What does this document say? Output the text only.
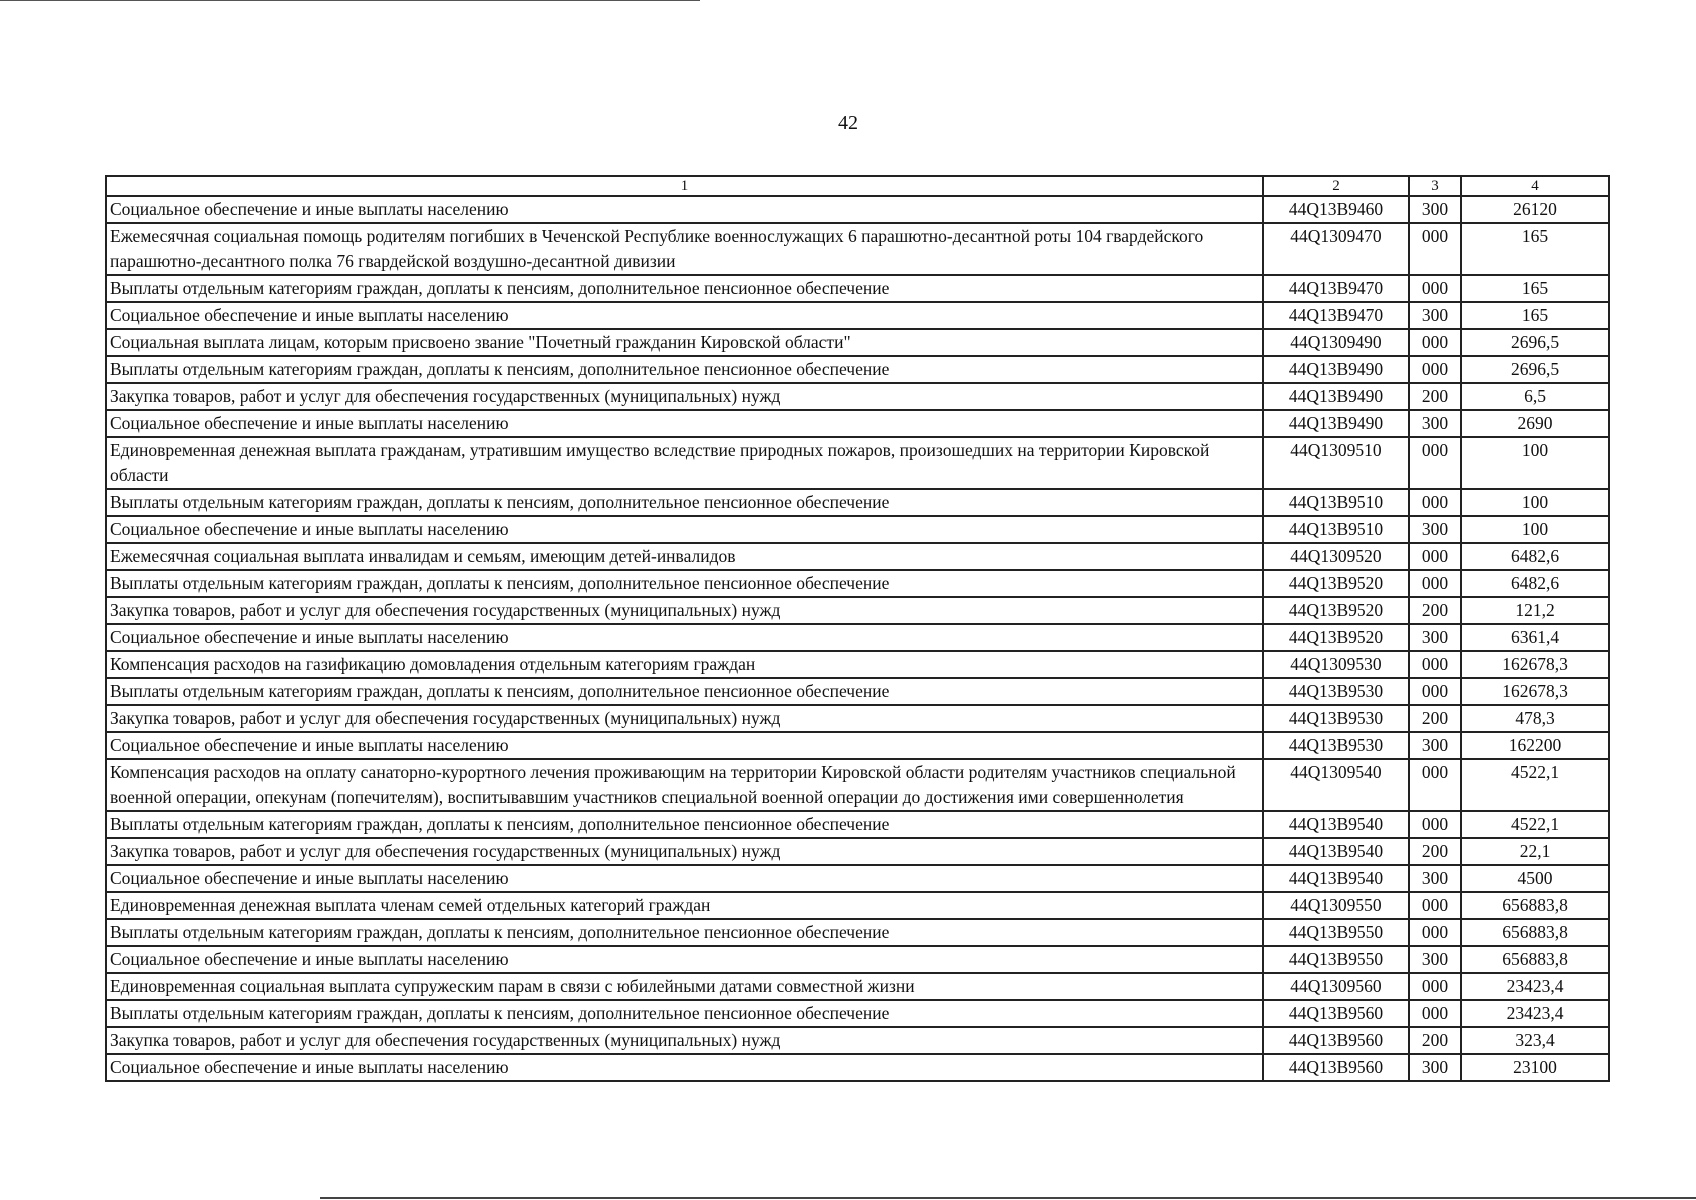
42
1	2	3	4
Социальное обеспечение и иные выплаты населению	44Q13B9460	300	26120
Ежемесячная социальная помощь родителям погибших в Чеченской Республике военнослужащих 6 парашютно-десантной роты 104 гвардейского парашютно-десантного полка 76 гвардейской воздушно-десантной дивизии	44Q1309470	000	165
Выплаты отдельным категориям граждан, доплаты к пенсиям, дополнительное пенсионное обеспечение	44Q13B9470	000	165
Социальное обеспечение и иные выплаты населению	44Q13B9470	300	165
Социальная выплата лицам, которым присвоено звание "Почетный гражданин Кировской области"	44Q1309490	000	2696,5
Выплаты отдельным категориям граждан, доплаты к пенсиям, дополнительное пенсионное обеспечение	44Q13B9490	000	2696,5
Закупка товаров, работ и услуг для обеспечения государственных (муниципальных) нужд	44Q13B9490	200	6,5
Социальное обеспечение и иные выплаты населению	44Q13B9490	300	2690
Единовременная денежная выплата гражданам, утратившим имущество вследствие природных пожаров, произошедших на территории Кировской области	44Q1309510	000	100
Выплаты отдельным категориям граждан, доплаты к пенсиям, дополнительное пенсионное обеспечение	44Q13B9510	000	100
Социальное обеспечение и иные выплаты населению	44Q13B9510	300	100
Ежемесячная социальная выплата инвалидам и семьям, имеющим детей-инвалидов	44Q1309520	000	6482,6
Выплаты отдельным категориям граждан, доплаты к пенсиям, дополнительное пенсионное обеспечение	44Q13B9520	000	6482,6
Закупка товаров, работ и услуг для обеспечения государственных (муниципальных) нужд	44Q13B9520	200	121,2
Социальное обеспечение и иные выплаты населению	44Q13B9520	300	6361,4
Компенсация расходов на газификацию домовладения отдельным категориям граждан	44Q1309530	000	162678,3
Выплаты отдельным категориям граждан, доплаты к пенсиям, дополнительное пенсионное обеспечение	44Q13B9530	000	162678,3
Закупка товаров, работ и услуг для обеспечения государственных (муниципальных) нужд	44Q13B9530	200	478,3
Социальное обеспечение и иные выплаты населению	44Q13B9530	300	162200
Компенсация расходов на оплату санаторно-курортного лечения проживающим на территории Кировской области родителям участников специальной военной операции, опекунам (попечителям), воспитывавшим участников специальной военной операции до достижения ими совершеннолетия	44Q1309540	000	4522,1
Выплаты отдельным категориям граждан, доплаты к пенсиям, дополнительное пенсионное обеспечение	44Q13B9540	000	4522,1
Закупка товаров, работ и услуг для обеспечения государственных (муниципальных) нужд	44Q13B9540	200	22,1
Социальное обеспечение и иные выплаты населению	44Q13B9540	300	4500
Единовременная денежная выплата членам семей отдельных категорий граждан	44Q1309550	000	656883,8
Выплаты отдельным категориям граждан, доплаты к пенсиям, дополнительное пенсионное обеспечение	44Q13B9550	000	656883,8
Социальное обеспечение и иные выплаты населению	44Q13B9550	300	656883,8
Единовременная социальная выплата супружеским парам в связи с юбилейными датами совместной жизни	44Q1309560	000	23423,4
Выплаты отдельным категориям граждан, доплаты к пенсиям, дополнительное пенсионное обеспечение	44Q13B9560	000	23423,4
Закупка товаров, работ и услуг для обеспечения государственных (муниципальных) нужд	44Q13B9560	200	323,4
Социальное обеспечение и иные выплаты населению	44Q13B9560	300	23100
